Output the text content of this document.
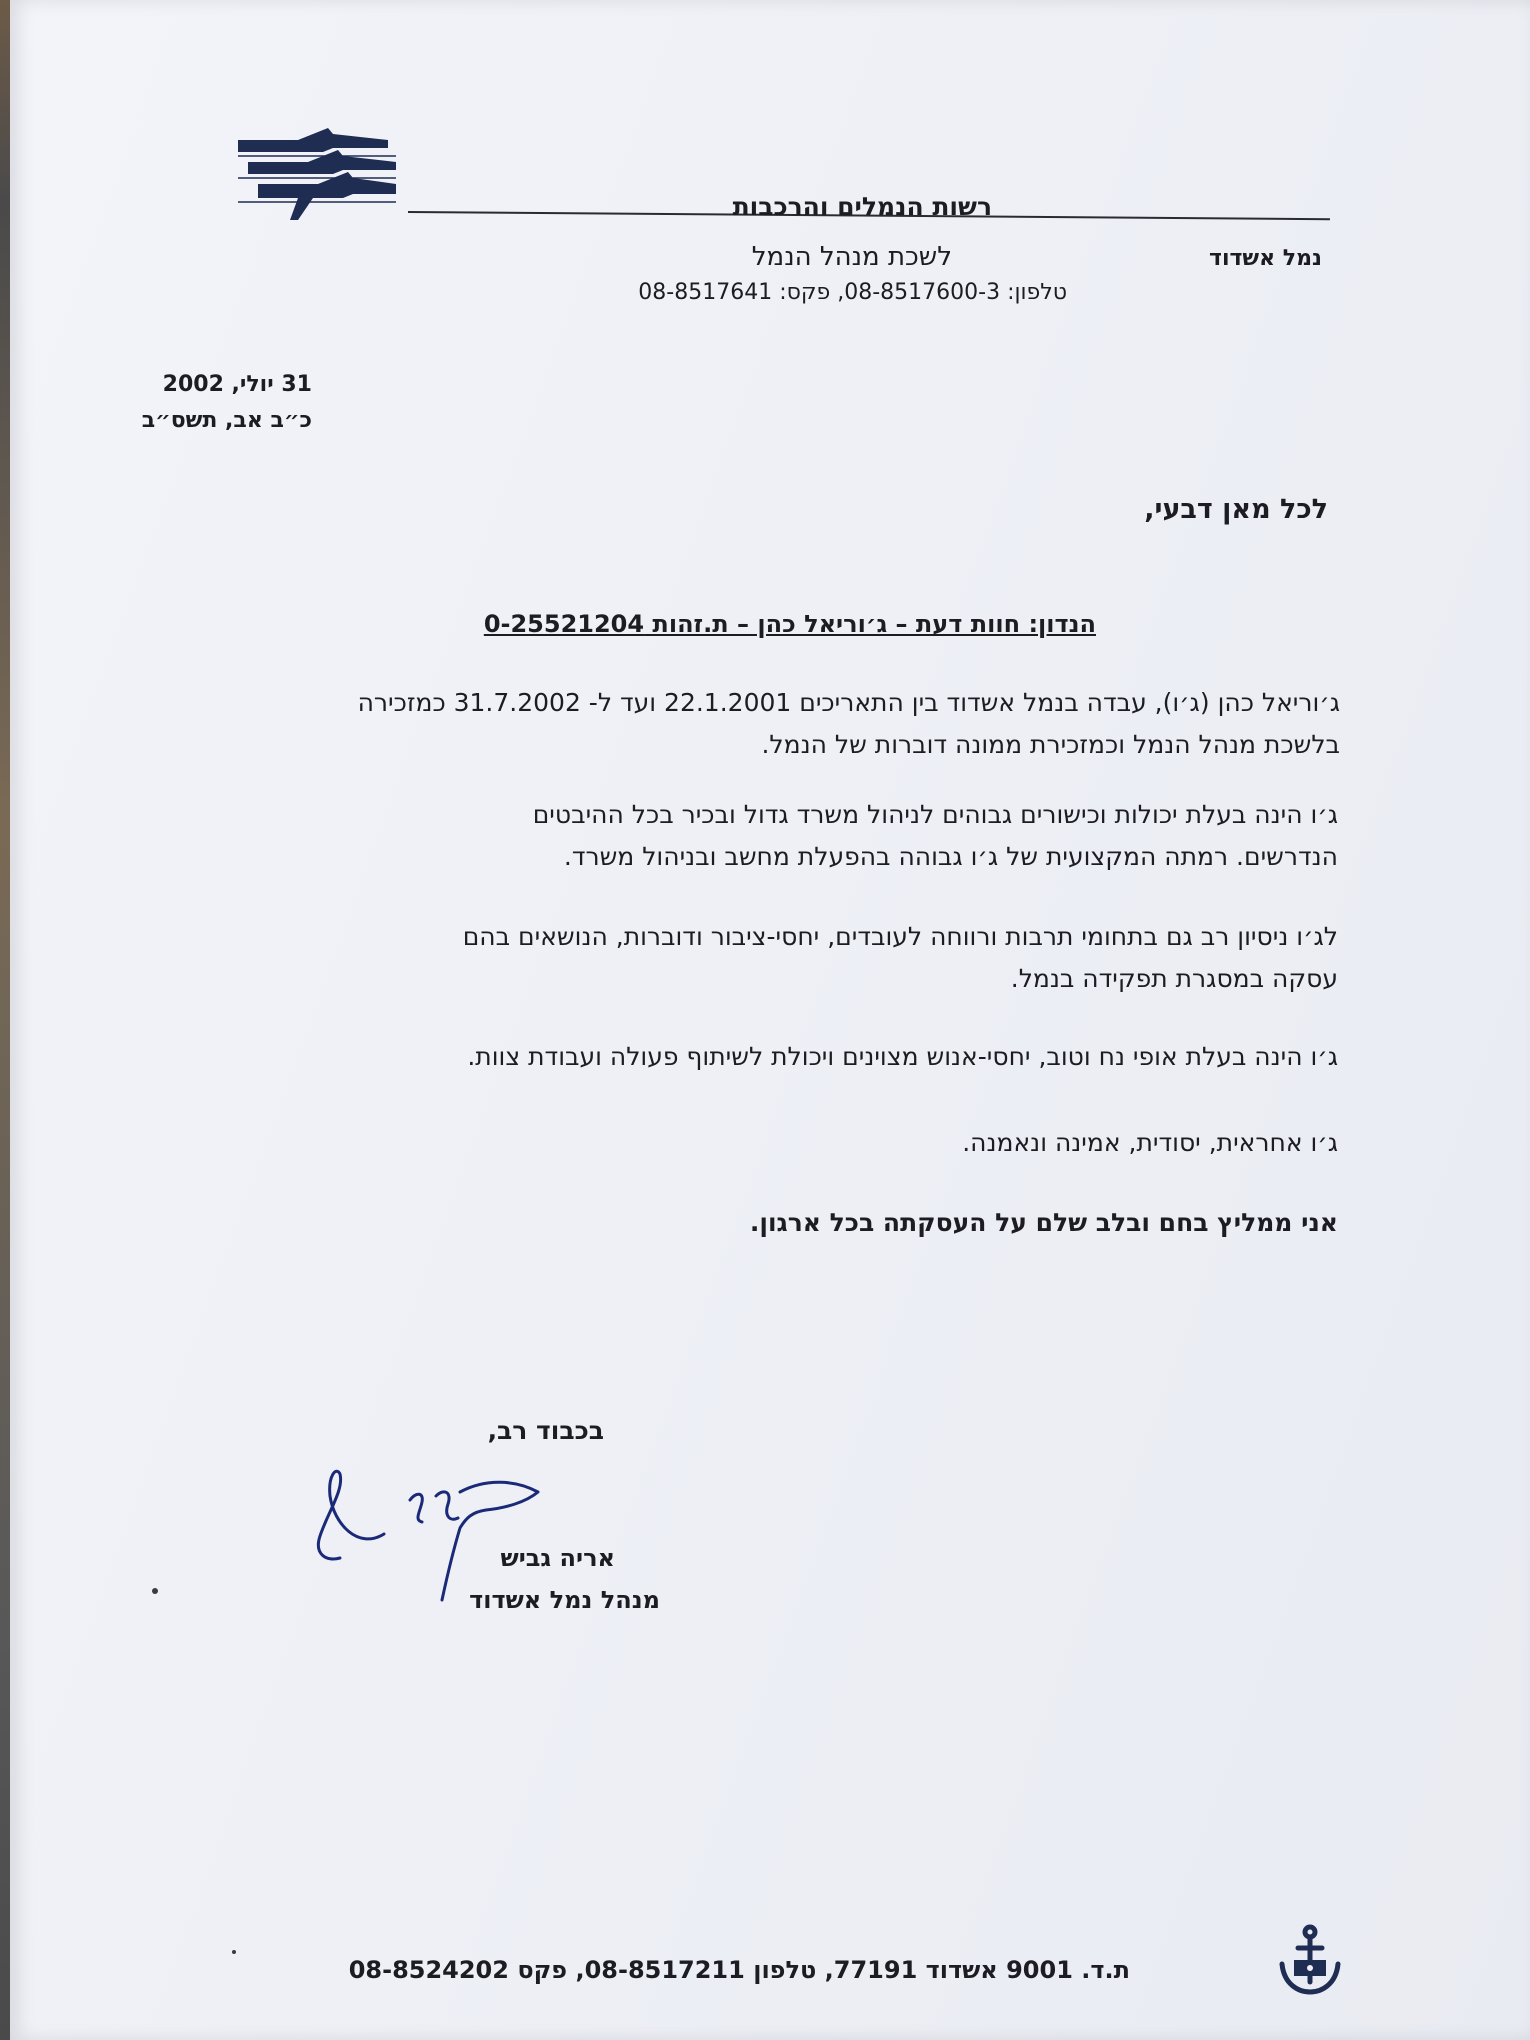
רשות הנמלים והרכבות
נמל אשדוד
לשכת מנהל הנמל
טלפון: 08-8517600-3, פקס: 08-8517641
31 יולי, 2002
כ״ב אב, תשס״ב
לכל מאן דבעי,
הנדון: חוות דעת – ג׳וריאל כהן – ת.זהות 0-25521204
ג׳וריאל כהן (ג׳ו), עבדה בנמל אשדוד בין התאריכים 22.1.2001 ועד ל- 31.7.2002 כמזכירה
בלשכת מנהל הנמל וכמזכירת ממונה דוברות של הנמל.
ג׳ו הינה בעלת יכולות וכישורים גבוהים לניהול משרד גדול ובכיר בכל ההיבטים
הנדרשים. רמתה המקצועית של ג׳ו גבוהה בהפעלת מחשב ובניהול משרד.
לג׳ו ניסיון רב גם בתחומי תרבות ורווחה לעובדים, יחסי-ציבור ודוברות, הנושאים בהם
עסקה במסגרת תפקידה בנמל.
ג׳ו הינה בעלת אופי נח וטוב, יחסי-אנוש מצוינים ויכולת לשיתוף פעולה ועבודת צוות.
ג׳ו אחראית, יסודית, אמינה ונאמנה.
אני ממליץ בחם ובלב שלם על העסקתה בכל ארגון.
בכבוד רב,
אריה גביש
מנהל נמל אשדוד
ת.ד. 9001 אשדוד 77191, טלפון 08-8517211, פקס 08-8524202
